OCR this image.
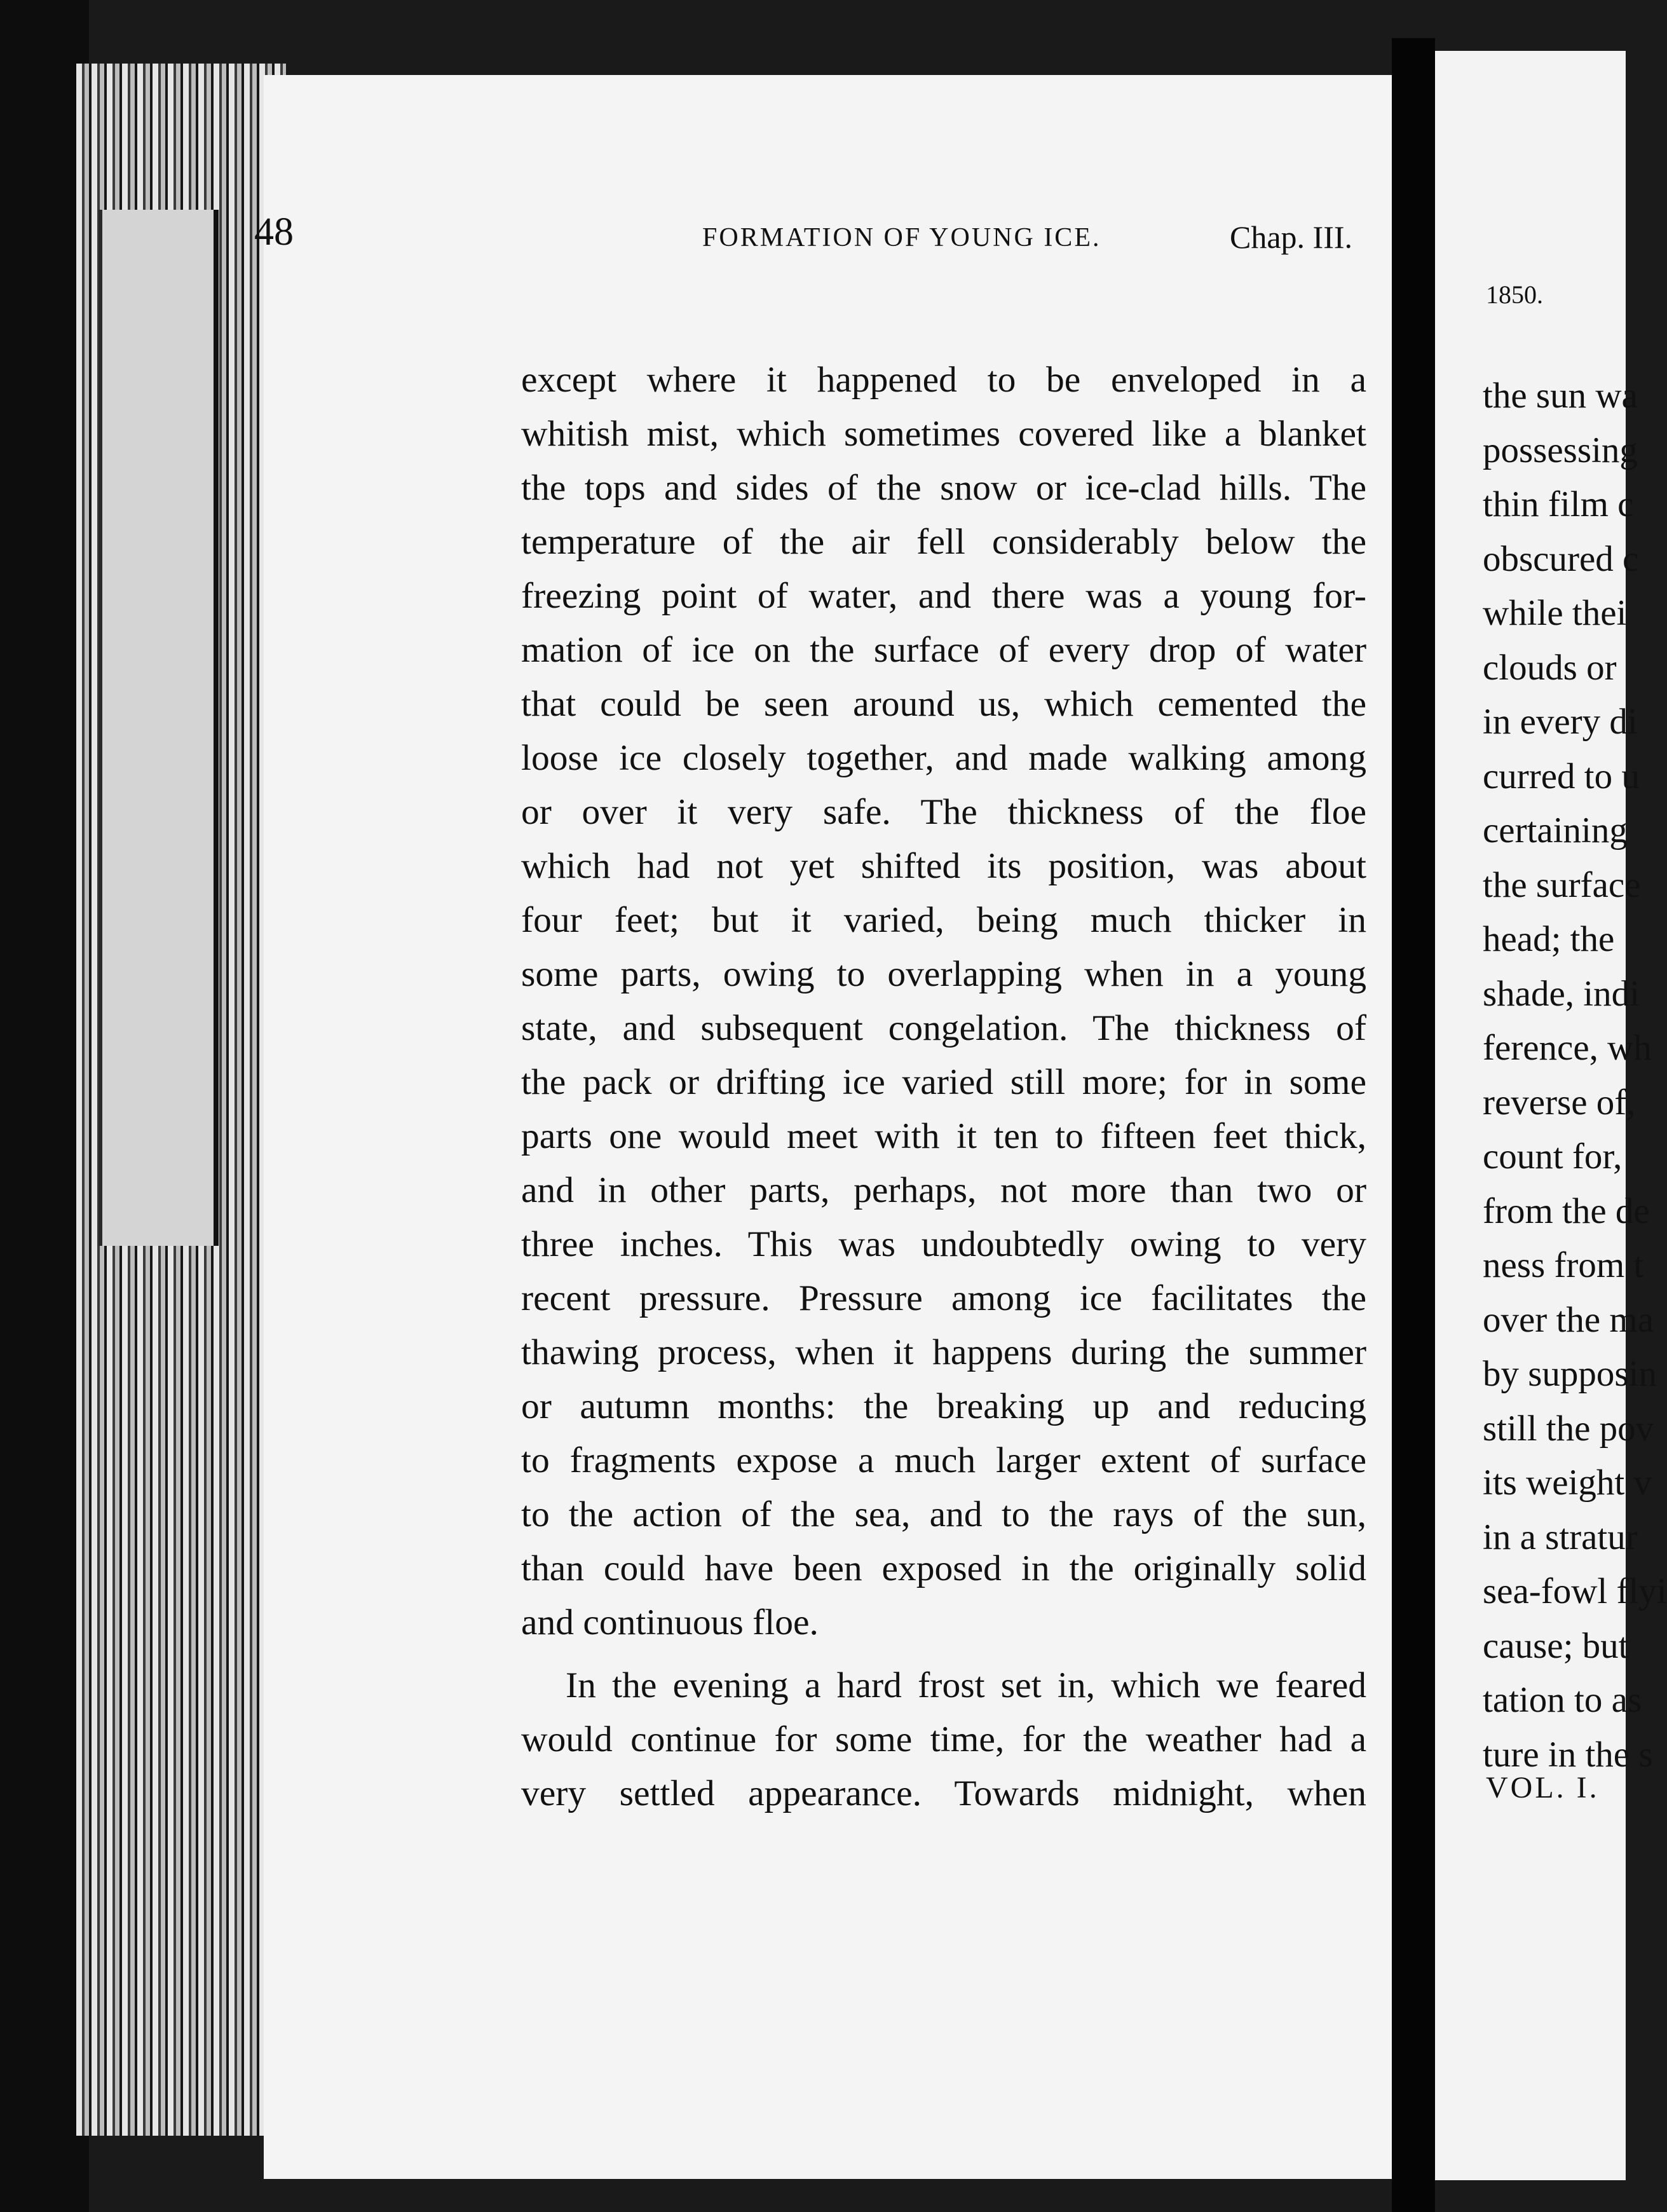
1850.
the sun wa
possessing
thin film c
obscured c
while thei
clouds or
in every di
curred to u
certaining
the surface
head; the
shade, indi
ference, wh
reverse of,
count for,
from the de
ness from t
over the ma
by supposin
still the pov
its weight v
in a stratur
sea-fowl flyi
cause; but
tation to as
ture in the s
VOL. I.
48	FORMATION OF YOUNG ICE.	Chap. III.
except where it happened to be enveloped in a
whitish mist, which sometimes covered like a blanket
the tops and sides of the snow or ice-clad hills. The
temperature of the air fell considerably below the
freezing point of water, and there was a young for-
mation of ice on the surface of every drop of water
that could be seen around us, which cemented the
loose ice closely together, and made walking among
or over it very safe. The thickness of the floe
which had not yet shifted its position, was about
four feet; but it varied, being much thicker in
some parts, owing to overlapping when in a young
state, and subsequent congelation. The thickness of
the pack or drifting ice varied still more; for in some
parts one would meet with it ten to fifteen feet thick,
and in other parts, perhaps, not more than two or
three inches. This was undoubtedly owing to very
recent pressure. Pressure among ice facilitates the
thawing process, when it happens during the summer
or autumn months: the breaking up and reducing
to fragments expose a much larger extent of surface
to the action of the sea, and to the rays of the sun,
than could have been exposed in the originally solid
and continuous floe.
In the evening a hard frost set in, which we feared
would continue for some time, for the weather had a
very settled appearance. Towards midnight, when
